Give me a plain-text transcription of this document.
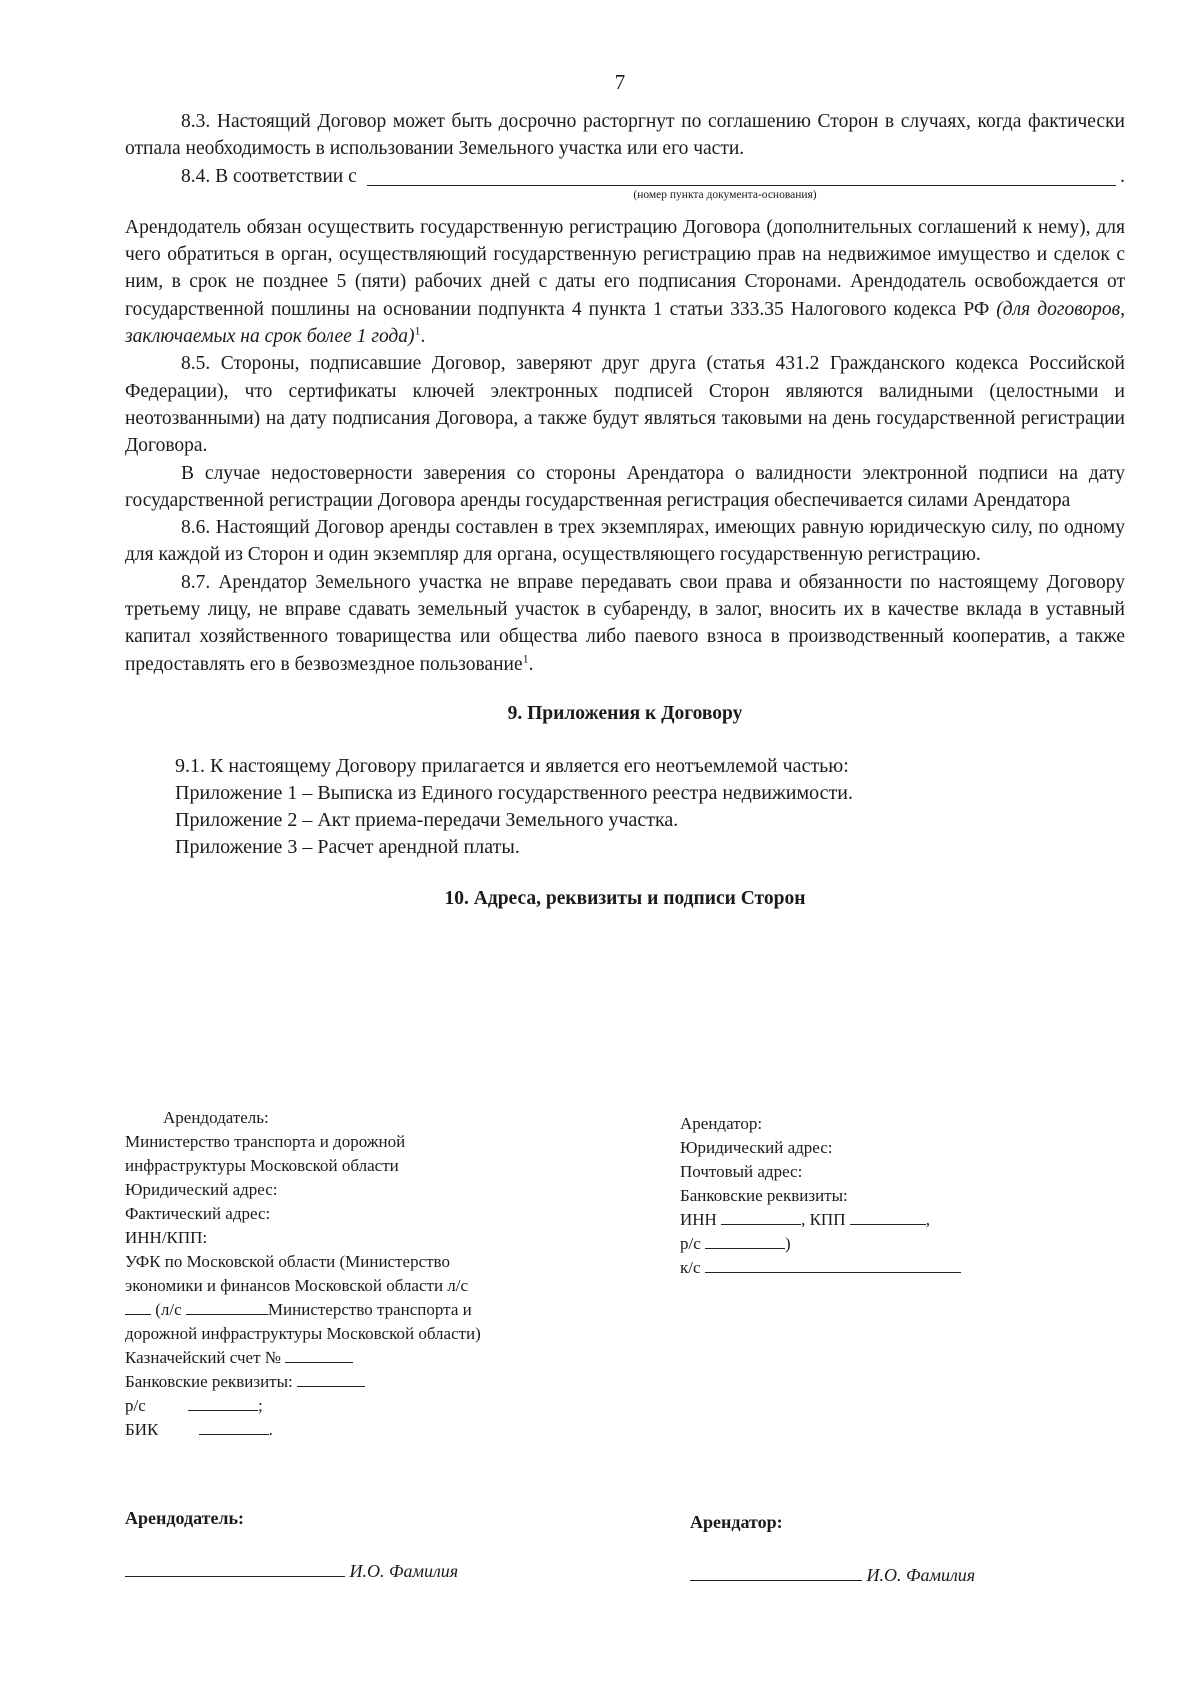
7

8.3. Настоящий Договор может быть досрочно расторгнут по соглашению Сторон в случаях, когда фактически отпала необходимость в использовании Земельного участка или его части.

8.4. В соответствии с	.
(номер пункта документа-основания)

Арендодатель обязан осуществить государственную регистрацию Договора (дополнительных соглашений к нему), для чего обратиться в орган, осуществляющий государственную регистрацию прав на недвижимое имущество и сделок с ним, в срок не позднее 5 (пяти) рабочих дней с даты его подписания Сторонами. Арендодатель освобождается от государственной пошлины на основании подпункта 4 пункта 1 статьи 333.35 Налогового кодекса РФ (для договоров, заключаемых на срок более 1 года)$^1$.

8.5. Стороны, подписавшие Договор, заверяют друг друга (статья 431.2 Гражданского кодекса Российской Федерации), что сертификаты ключей электронных подписей Сторон являются валидными (целостными и неотозванными) на дату подписания Договора, а также будут являться таковыми на день государственной регистрации Договора.

В случае недостоверности заверения со стороны Арендатора о валидности электронной подписи на дату государственной регистрации Договора аренды государственная регистрация обеспечивается силами Арендатора

8.6. Настоящий Договор аренды составлен в трех экземплярах, имеющих равную юридическую силу, по одному для каждой из Сторон и один экземпляр для органа, осуществляющего государственную регистрацию.

8.7. Арендатор Земельного участка не вправе передавать свои права и обязанности по настоящему Договору третьему лицу, не вправе сдавать земельный участок в субаренду, в залог, вносить их в качестве вклада в уставный капитал хозяйственного товарищества или общества либо паевого взноса в производственный кооператив, а также предоставлять его в безвозмездное пользование$^1$.

9. Приложения к Договору
9.1. К настоящему Договору прилагается и является его неотъемлемой частью:
Приложение 1 – Выписка из Единого государственного реестра недвижимости.
Приложение 2 – Акт приема-передачи Земельного участка.
Приложение 3 – Расчет арендной платы.
10. Адреса, реквизиты и подписи Сторон
Арендодатель:
Министерство транспорта и дорожной
инфраструктуры Московской области
Юридический адрес:
Фактический адрес:
ИНН/КПП:
УФК по Московской области (Министерство
экономики и финансов Московской области л/с
(л/с	Министерство транспорта и
дорожной инфраструктуры Московской области)
Казначейский счет №
Банковские реквизиты:
р/с	;
БИК	.
Арендатор:
Юридический адрес:
Почтовый адрес:
Банковские реквизиты:
ИНН	, КПП	,
р/с	)
к/с
Арендодатель:
И.О. Фамилия
Арендатор:
И.О. Фамилия
